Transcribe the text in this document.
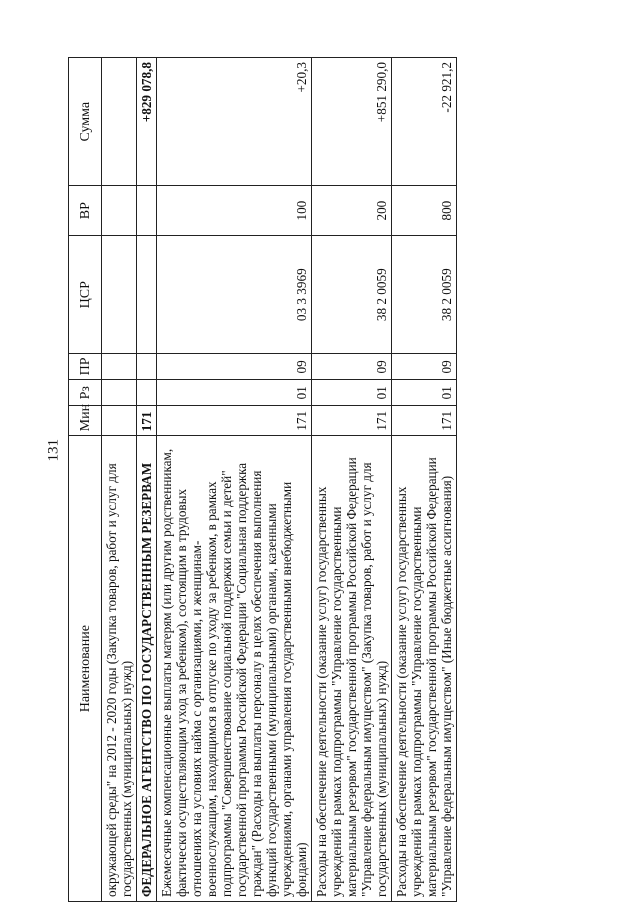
131
Наименование	Мин	Рз	ПР	ЦСР	ВР	Сумма
окружающей среды" на 2012 - 2020 годы (Закупка товаров, работ и услуг для государственных (муниципальных) нужд)						
ФЕДЕРАЛЬНОЕ АГЕНТСТВО ПО ГОСУДАРСТВЕННЫМ РЕЗЕРВАМ	171					+829 078,8
Ежемесячные компенсационные выплаты матерям (или другим родственникам, фактически осуществляющим уход за ребенком), состоящим в трудовых отношениях на условиях найма с организациями, и женщинам-военнослужащим, находящимся в отпуске по уходу за ребенком, в рамках подпрограммы "Совершенствование социальной поддержки семьи и детей" государственной программы Российской Федерации "Социальная поддержка граждан" (Расходы на выплаты персоналу в целях обеспечения выполнения функций государственными (муниципальными) органами, казенными учреждениями, органами управления государственными внебюджетными фондами)	171	01	09	03 3 3969	100	+20,3
Расходы на обеспечение деятельности (оказание услуг) государственных учреждений в рамках подпрограммы "Управление государственными материальным резервом" государственной программы Российской Федерации "Управление федеральным имуществом" (Закупка товаров, работ и услуг для государственных (муниципальных) нужд)	171	01	09	38 2 0059	200	+851 290,0
Расходы на обеспечение деятельности (оказание услуг) государственных учреждений в рамках подпрограммы "Управление государственными материальным резервом" государственной программы Российской Федерации "Управление федеральным имуществом" (Иные бюджетные ассигнования)	171	01	09	38 2 0059	800	-22 921,2
